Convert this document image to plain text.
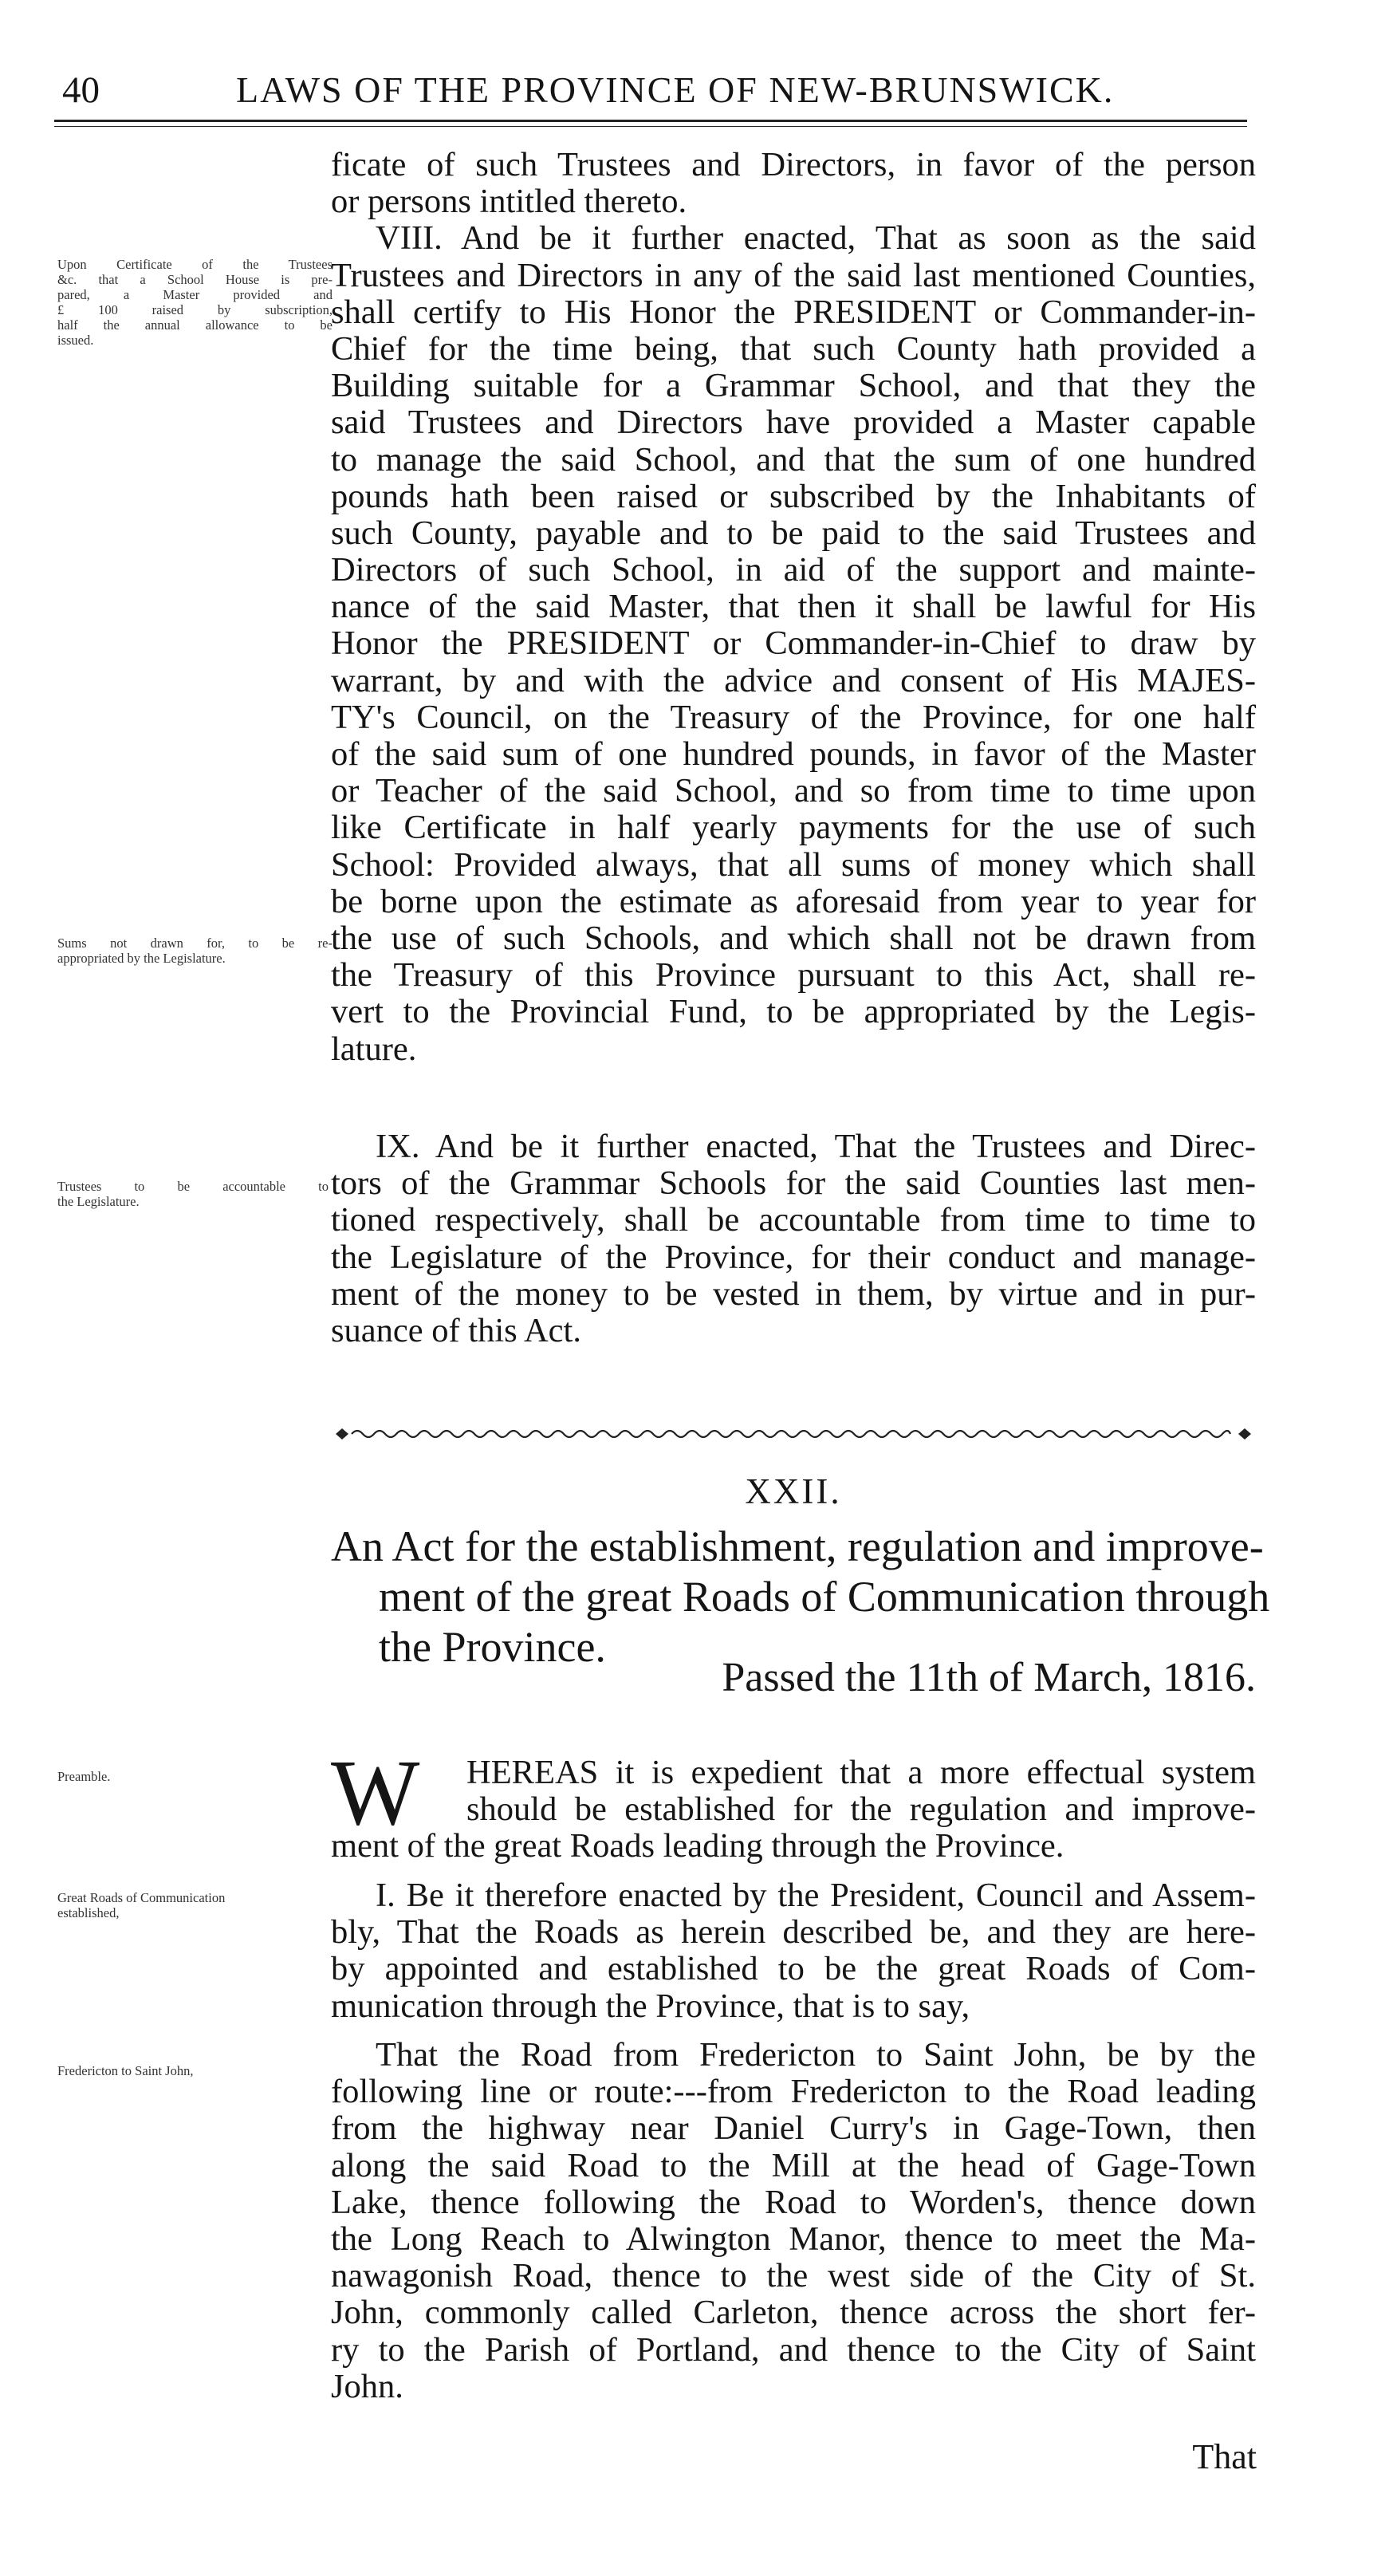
40	LAWS OF THE PROVINCE OF NEW-BRUNSWICK.
ficate of such Trustees and Directors, in favor of the person
or persons intitled thereto.
VIII. And be it further enacted, That as soon as the said
Trustees and Directors in any of the said last mentioned Counties,
shall certify to His Honor the PRESIDENT or Commander-in-
Chief for the time being, that such County hath provided a
Building suitable for a Grammar School, and that they the
said Trustees and Directors have provided a Master capable
to manage the said School, and that the sum of one hundred
pounds hath been raised or subscribed by the Inhabitants of
such County, payable and to be paid to the said Trustees and
Directors of such School, in aid of the support and mainte-
nance of the said Master, that then it shall be lawful for His
Honor the PRESIDENT or Commander-in-Chief to draw by
warrant, by and with the advice and consent of His MAJES-
TY's Council, on the Treasury of the Province, for one half
of the said sum of one hundred pounds, in favor of the Master
or Teacher of the said School, and so from time to time upon
like Certificate in half yearly payments for the use of such
School: Provided always, that all sums of money which shall
be borne upon the estimate as aforesaid from year to year for
the use of such Schools, and which shall not be drawn from
the Treasury of this Province pursuant to this Act, shall re-
vert to the Provincial Fund, to be appropriated by the Legis-
lature.
IX. And be it further enacted, That the Trustees and Direc-
tors of the Grammar Schools for the said Counties last men-
tioned respectively, shall be accountable from time to time to
the Legislature of the Province, for their conduct and manage-
ment of the money to be vested in them, by virtue and in pur-
suance of this Act.
Upon Certificate of the Trustees
&c. that a School House is pre-
pared, a Master provided and
£ 100 raised by subscription,
half the annual allowance to be
issued.
Sums not drawn for, to be re-
appropriated by the Legislature.
Trustees to be accountable to
the Legislature.
Preamble.
Great Roads of Communication
established,
Fredericton to Saint John,
XXII.
An Act for the establishment, regulation and improve-
ment of the great Roads of Communication through
the Province.
Passed the 11th of March, 1816.
W	HEREAS it is expedient that a more effectual system
should be established for the regulation and improve-
ment of the great Roads leading through the Province.
I. Be it therefore enacted by the President, Council and Assem-
bly, That the Roads as herein described be, and they are here-
by appointed and established to be the great Roads of Com-
munication through the Province, that is to say,
That the Road from Fredericton to Saint John, be by the
following line or route:---from Fredericton to the Road leading
from the highway near Daniel Curry's in Gage-Town, then
along the said Road to the Mill at the head of Gage-Town
Lake, thence following the Road to Worden's, thence down
the Long Reach to Alwington Manor, thence to meet the Ma-
nawagonish Road, thence to the west side of the City of St.
John, commonly called Carleton, thence across the short fer-
ry to the Parish of Portland, and thence to the City of Saint
John.
That
